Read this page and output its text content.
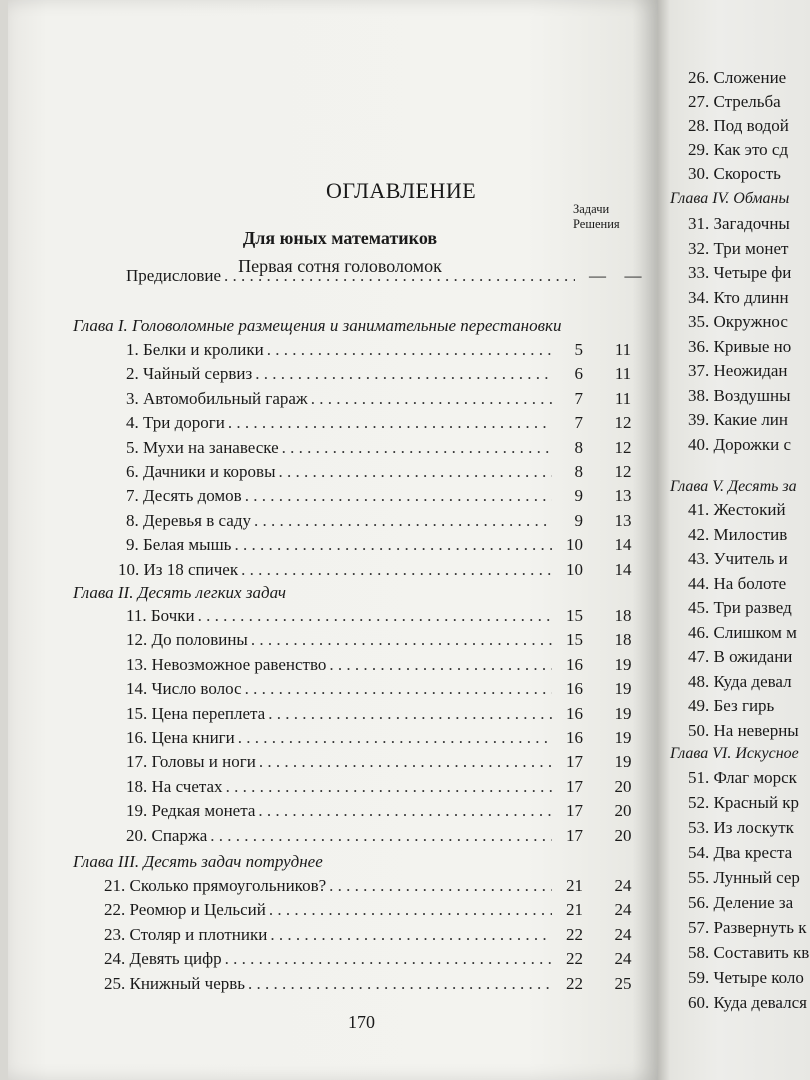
ОГЛАВЛЕНИЕ
Задачи Решения
Для юных математиков
Первая сотня головоломок
Предисловие . . .	—	—
Глава I. Головоломные размещения и занимательные перестановки
1. Белки и кролики . . .	5	11
2. Чайный сервиз . . .	6	11
3. Автомобильный гараж . . .	7	11
4. Три дороги . . .	7	12
5. Мухи на занавеске . . .	8	12
6. Дачники и коровы . . .	8	12
7. Десять домов . . .	9	13
8. Деревья в саду . . .	9	13
9. Белая мышь . . .	10	14
10. Из 18 спичек . . .	10	14
Глава II. Десять легких задач
11. Бочки . . .	15	18
12. До половины . . .	15	18
13. Невозможное равенство . . .	16	19
14. Число волос . . .	16	19
15. Цена переплета . . .	16	19
16. Цена книги . . .	16	19
17. Головы и ноги . . .	17	19
18. На счетах . . .	17	20
19. Редкая монета . . .	17	20
20. Спаржа . . .	17	20
Глава III. Десять задач потруднее
21. Сколько прямоугольников? . . .	21	24
22. Реомюр и Цельсий . . .	21	24
23. Столяр и плотники . . .	22	24
24. Девять цифр . . .	22	24
25. Книжный червь . . .	22	25
170
26. Сложение
27. Стрельба
28. Под водой
29. Как это сд
30. Скорость
Глава IV. Обманы
31. Загадочны
32. Три монет
33. Четыре фи
34. Кто длинн
35. Окружнос
36. Кривые но
37. Неожидан
38. Воздушны
39. Какие лин
40. Дорожки с
Глава V. Десять за
41. Жестокий
42. Милостив
43. Учитель и
44. На болоте
45. Три развед
46. Слишком м
47. В ожидани
48. Куда девал
49. Без гирь
50. На неверны
Глава VI. Искусное
51. Флаг морск
52. Красный кр
53. Из лоскутк
54. Два креста
55. Лунный сер
56. Деление за
57. Развернуть к
58. Составить кв
59. Четыре коло
60. Куда девался
